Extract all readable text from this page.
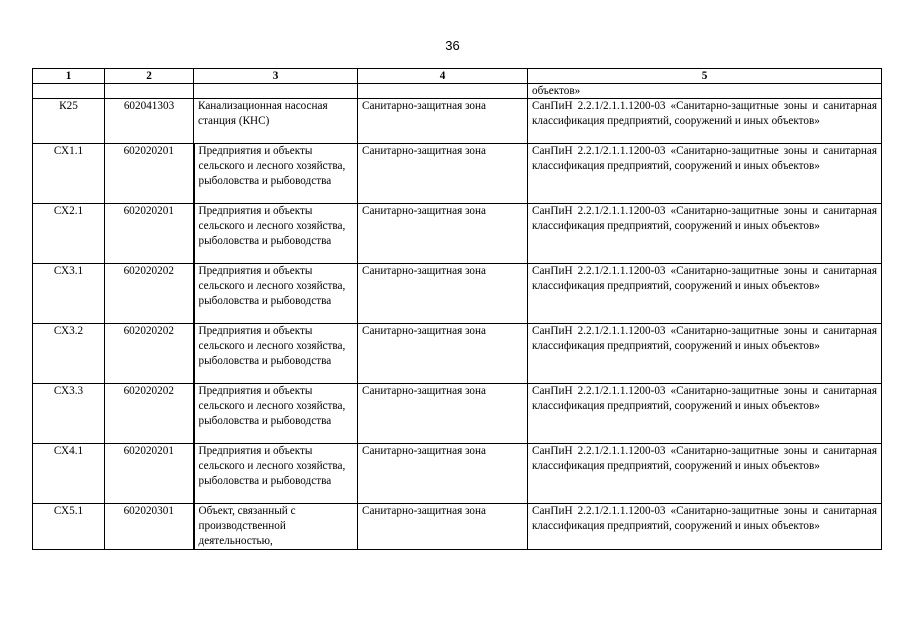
36
1	2	3	4	5
				объектов»
К25	602041303	Канализационная насосная станция (КНС)	Санитарно-защитная зона	СанПиН 2.2.1/2.1.1.1200-03 «Санитарно-защитные зоны и санитарная классификация предприятий, сооружений и иных объектов»
СХ1.1	602020201	Предприятия и объекты сельского и лесного хозяйства, рыболовства и рыбоводства	Санитарно-защитная зона	СанПиН 2.2.1/2.1.1.1200-03 «Санитарно-защитные зоны и санитарная классификация предприятий, сооружений и иных объектов»
СХ2.1	602020201	Предприятия и объекты сельского и лесного хозяйства, рыболовства и рыбоводства	Санитарно-защитная зона	СанПиН 2.2.1/2.1.1.1200-03 «Санитарно-защитные зоны и санитарная классификация предприятий, сооружений и иных объектов»
СХ3.1	602020202	Предприятия и объекты сельского и лесного хозяйства, рыболовства и рыбоводства	Санитарно-защитная зона	СанПиН 2.2.1/2.1.1.1200-03 «Санитарно-защитные зоны и санитарная классификация предприятий, сооружений и иных объектов»
СХ3.2	602020202	Предприятия и объекты сельского и лесного хозяйства, рыболовства и рыбоводства	Санитарно-защитная зона	СанПиН 2.2.1/2.1.1.1200-03 «Санитарно-защитные зоны и санитарная классификация предприятий, сооружений и иных объектов»
СХ3.3	602020202	Предприятия и объекты сельского и лесного хозяйства, рыболовства и рыбоводства	Санитарно-защитная зона	СанПиН 2.2.1/2.1.1.1200-03 «Санитарно-защитные зоны и санитарная классификация предприятий, сооружений и иных объектов»
СХ4.1	602020201	Предприятия и объекты сельского и лесного хозяйства, рыболовства и рыбоводства	Санитарно-защитная зона	СанПиН 2.2.1/2.1.1.1200-03 «Санитарно-защитные зоны и санитарная классификация предприятий, сооружений и иных объектов»
СХ5.1	602020301	Объект, связанный с производственной деятельностью,	Санитарно-защитная зона	СанПиН 2.2.1/2.1.1.1200-03 «Санитарно-защитные зоны и санитарная классификация предприятий, сооружений и иных объектов»
